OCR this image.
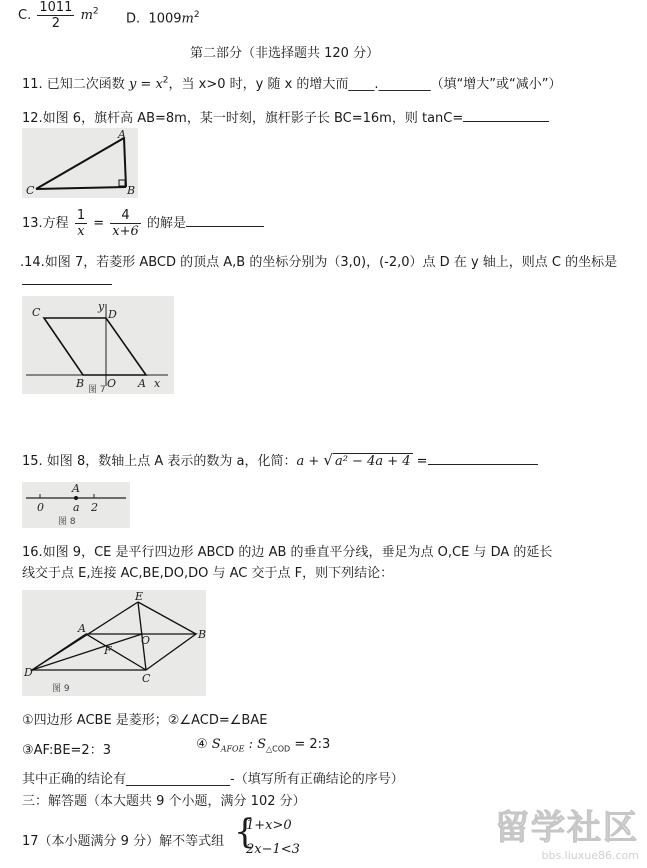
C. $\frac{1011}{2} m^2$ D. $1009m^2$
第二部分（非选择题共 120 分）
11. 已知二次函数 $y = x^2$，当 x>0 时，y 随 x 的增大而____.________（填“增大”或“减小”）
12.如图 6，旗杆高 AB=8m，某一时刻，旗杆影子长 BC=16m，则 tanC=
A
B
C
13.方程 $\frac{1}{x} = \frac{4}{x+6}$ 的解是
.14.如图 7，若菱形 ABCD 的顶点 A,B 的坐标分别为（3,0)，(-2,0）点 D 在 y 轴上，则点 C 的坐标是
C	D
y
B O A x
图 7
15. 如图 8，数轴上点 A 表示的数为 a，化简：a + √ a² − 4a + 4 =
A
0	a 2
图 8
16.如图 9，CE 是平行四边形 ABCD 的边 AB 的垂直平分线，垂足为点 O,CE 与 DA 的延长
线交于点 E,连接 AC,BE,DO,DO 与 AC 交于点 F，则下列结论：
E
A
O	B
F
D	C
图 9
①四边形 ACBE 是菱形；②∠ACD=∠BAE
③AF:BE=2：3	④ $S_{AFOE}$ : $S_{\triangle COD}$ = 2:3
其中正确的结论有________________-（填写所有正确结论的序号）
三：解答题（本大题共 9 个小题，满分 102 分）
17（本小题满分 9 分）解不等式组 {
1+x>0
2x−1<3
留学社区
bbs.liuxue86.com
